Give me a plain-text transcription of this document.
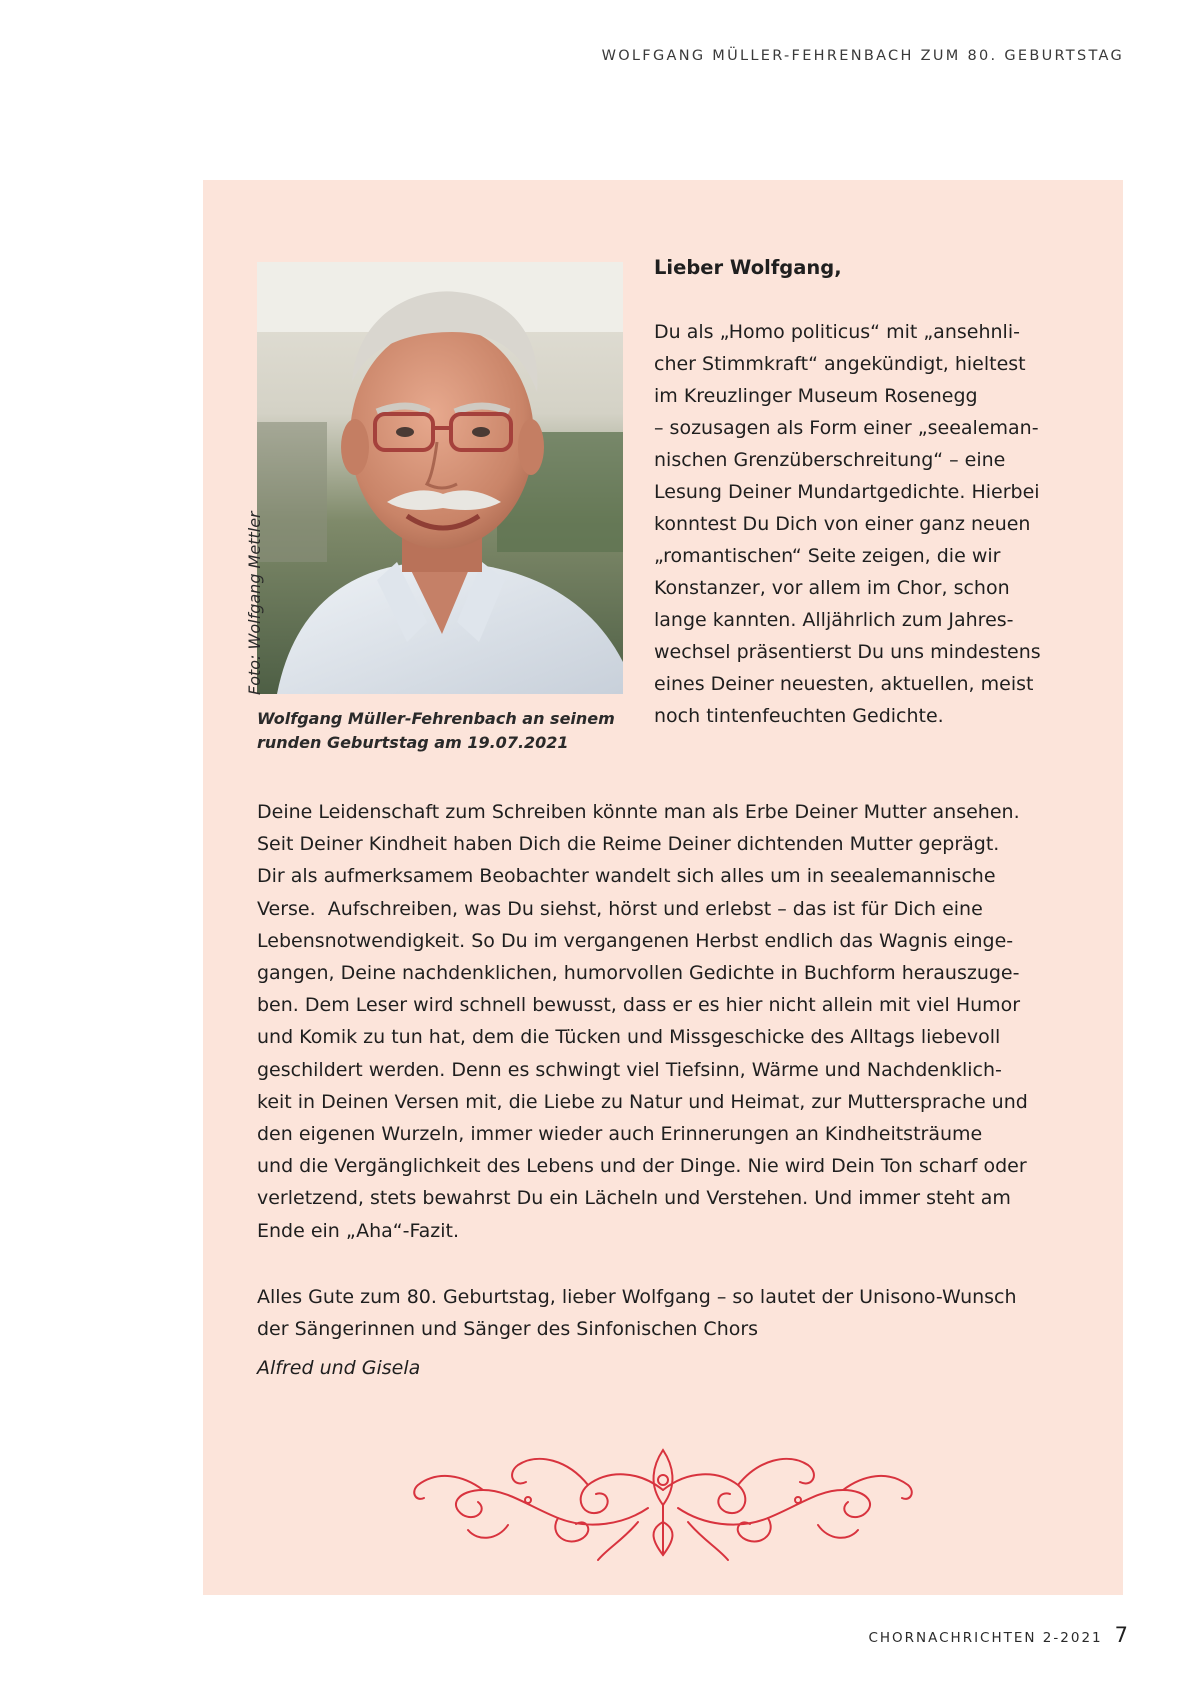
WOLFGANG MÜLLER-FEHRENBACH ZUM 80. GEBURTSTAG
Foto: Wolfgang Mettler
Wolfgang Müller-Fehrenbach an seinem
runden Geburtstag am 19.07.2021
Lieber Wolfgang,
Du als „Homo politicus“ mit „ansehnli-
cher Stimmkraft“ angekündigt, hieltest
im Kreuzlinger Museum Rosenegg
– sozusagen als Form einer „seealeman-
nischen Grenzüberschreitung“ – eine
Lesung Deiner Mundartgedichte. Hierbei
konntest Du Dich von einer ganz neuen
„romantischen“ Seite zeigen, die wir
Konstanzer, vor allem im Chor, schon
lange kannten. Alljährlich zum Jahres-
wechsel präsentierst Du uns mindestens
eines Deiner neuesten, aktuellen, meist
noch tintenfeuchten Gedichte.
Deine Leidenschaft zum Schreiben könnte man als Erbe Deiner Mutter ansehen.
Seit Deiner Kindheit haben Dich die Reime Deiner dichtenden Mutter geprägt.
Dir als aufmerksamem Beobachter wandelt sich alles um in seealemannische
Verse.  Aufschreiben, was Du siehst, hörst und erlebst – das ist für Dich eine
Lebensnotwendigkeit. So Du im vergangenen Herbst endlich das Wagnis einge-
gangen, Deine nachdenklichen, humorvollen Gedichte in Buchform herauszuge-
ben. Dem Leser wird schnell bewusst, dass er es hier nicht allein mit viel Humor
und Komik zu tun hat, dem die Tücken und Missgeschicke des Alltags liebevoll
geschildert werden. Denn es schwingt viel Tiefsinn, Wärme und Nachdenklich-
keit in Deinen Versen mit, die Liebe zu Natur und Heimat, zur Muttersprache und
den eigenen Wurzeln, immer wieder auch Erinnerungen an Kindheitsträume
und die Vergänglichkeit des Lebens und der Dinge. Nie wird Dein Ton scharf oder
verletzend, stets bewahrst Du ein Lächeln und Verstehen. Und immer steht am
Ende ein „Aha“-Fazit.
Alles Gute zum 80. Geburtstag, lieber Wolfgang – so lautet der Unisono-Wunsch
der Sängerinnen und Sänger des Sinfonischen Chors
Alfred und Gisela
CHORNACHRICHTEN 2-2021 7
